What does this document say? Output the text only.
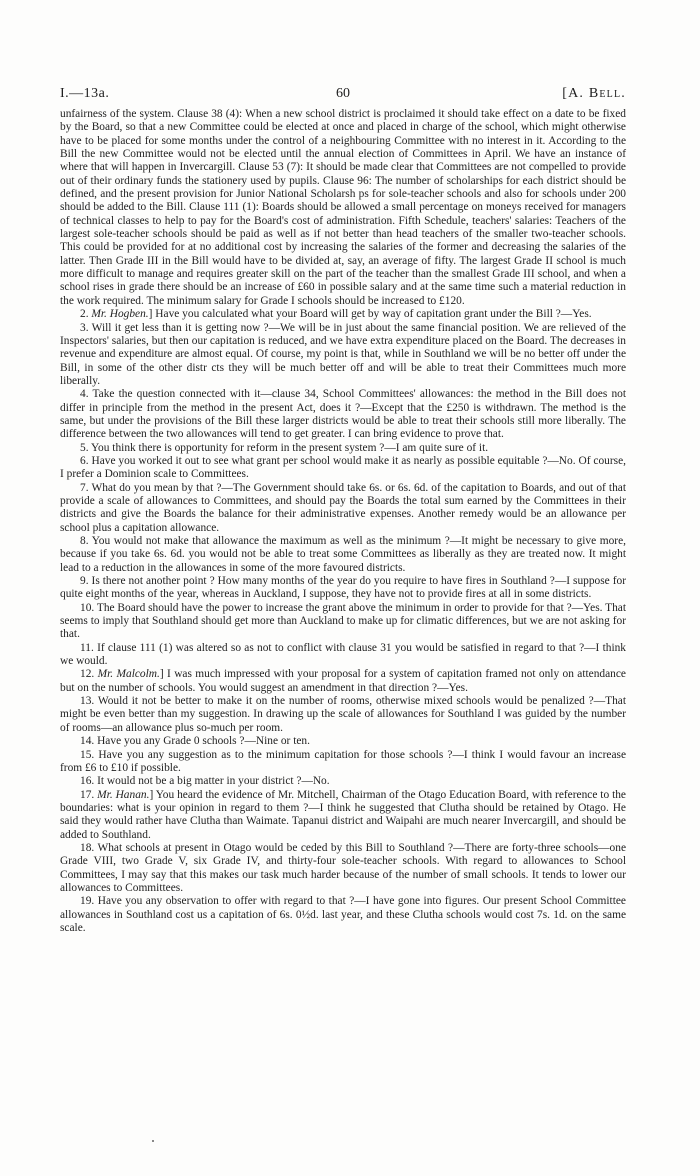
I.—13a.	60	[A. Bell.

unfairness of the system. Clause 38 (4): When a new school district is proclaimed it should take effect on a date to be fixed by the Board, so that a new Committee could be elected at once and placed in charge of the school, which might otherwise have to be placed for some months under the control of a neighbouring Committee with no interest in it. According to the Bill the new Committee would not be elected until the annual election of Committees in April. We have an instance of where that will happen in Invercargill. Clause 53 (7): It should be made clear that Committees are not compelled to provide out of their ordinary funds the stationery used by pupils. Clause 96: The number of scholarships for each district should be defined, and the present provision for Junior National Scholarsh ps for sole-teacher schools and also for schools under 200 should be added to the Bill. Clause 111 (1): Boards should be allowed a small percentage on moneys received for managers of technical classes to help to pay for the Board's cost of administration. Fifth Schedule, teachers' salaries: Teachers of the largest sole-teacher schools should be paid as well as if not better than head teachers of the smaller two-teacher schools. This could be provided for at no additional cost by increasing the salaries of the former and decreasing the salaries of the latter. Then Grade III in the Bill would have to be divided at, say, an average of fifty. The largest Grade II school is much more difficult to manage and requires greater skill on the part of the teacher than the smallest Grade III school, and when a school rises in grade there should be an increase of £60 in possible salary and at the same time such a material reduction in the work required. The minimum salary for Grade I schools should be increased to £120.

2. Mr. Hogben.] Have you calculated what your Board will get by way of capitation grant under the Bill ?—Yes.

3. Will it get less than it is getting now ?—We will be in just about the same financial position. We are relieved of the Inspectors' salaries, but then our capitation is reduced, and we have extra expenditure placed on the Board. The decreases in revenue and expenditure are almost equal. Of course, my point is that, while in Southland we will be no better off under the Bill, in some of the other distr cts they will be much better off and will be able to treat their Committees much more liberally.

4. Take the question connected with it—clause 34, School Committees' allowances: the method in the Bill does not differ in principle from the method in the present Act, does it ?—Except that the £250 is withdrawn. The method is the same, but under the provisions of the Bill these larger districts would be able to treat their schools still more liberally. The difference between the two allowances will tend to get greater. I can bring evidence to prove that.

5. You think there is opportunity for reform in the present system ?—I am quite sure of it.

6. Have you worked it out to see what grant per school would make it as nearly as possible equitable ?—No. Of course, I prefer a Dominion scale to Committees.

7. What do you mean by that ?—The Government should take 6s. or 6s. 6d. of the capitation to Boards, and out of that provide a scale of allowances to Committees, and should pay the Boards the total sum earned by the Committees in their districts and give the Boards the balance for their administrative expenses. Another remedy would be an allowance per school plus a capitation allowance.

8. You would not make that allowance the maximum as well as the minimum ?—It might be necessary to give more, because if you take 6s. 6d. you would not be able to treat some Committees as liberally as they are treated now. It might lead to a reduction in the allowances in some of the more favoured districts.

9. Is there not another point ? How many months of the year do you require to have fires in Southland ?—I suppose for quite eight months of the year, whereas in Auckland, I suppose, they have not to provide fires at all in some districts.

10. The Board should have the power to increase the grant above the minimum in order to provide for that ?—Yes. That seems to imply that Southland should get more than Auckland to make up for climatic differences, but we are not asking for that.

11. If clause 111 (1) was altered so as not to conflict with clause 31 you would be satisfied in regard to that ?—I think we would.

12. Mr. Malcolm.] I was much impressed with your proposal for a system of capitation framed not only on attendance but on the number of schools. You would suggest an amendment in that direction ?—Yes.

13. Would it not be better to make it on the number of rooms, otherwise mixed schools would be penalized ?—That might be even better than my suggestion. In drawing up the scale of allowances for Southland I was guided by the number of rooms—an allowance plus so-much per room.

14. Have you any Grade 0 schools ?—Nine or ten.

15. Have you any suggestion as to the minimum capitation for those schools ?—I think I would favour an increase from £6 to £10 if possible.

16. It would not be a big matter in your district ?—No.

17. Mr. Hanan.] You heard the evidence of Mr. Mitchell, Chairman of the Otago Education Board, with reference to the boundaries: what is your opinion in regard to them ?—I think he suggested that Clutha should be retained by Otago. He said they would rather have Clutha than Waimate. Tapanui district and Waipahi are much nearer Invercargill, and should be added to Southland.

18. What schools at present in Otago would be ceded by this Bill to Southland ?—There are forty-three schools—one Grade VIII, two Grade V, six Grade IV, and thirty-four sole-teacher schools. With regard to allowances to School Committees, I may say that this makes our task much harder because of the number of small schools. It tends to lower our allowances to Committees.

19. Have you any observation to offer with regard to that ?—I have gone into figures. Our present School Committee allowances in Southland cost us a capitation of 6s. 0½d. last year, and these Clutha schools would cost 7s. 1d. on the same scale.
